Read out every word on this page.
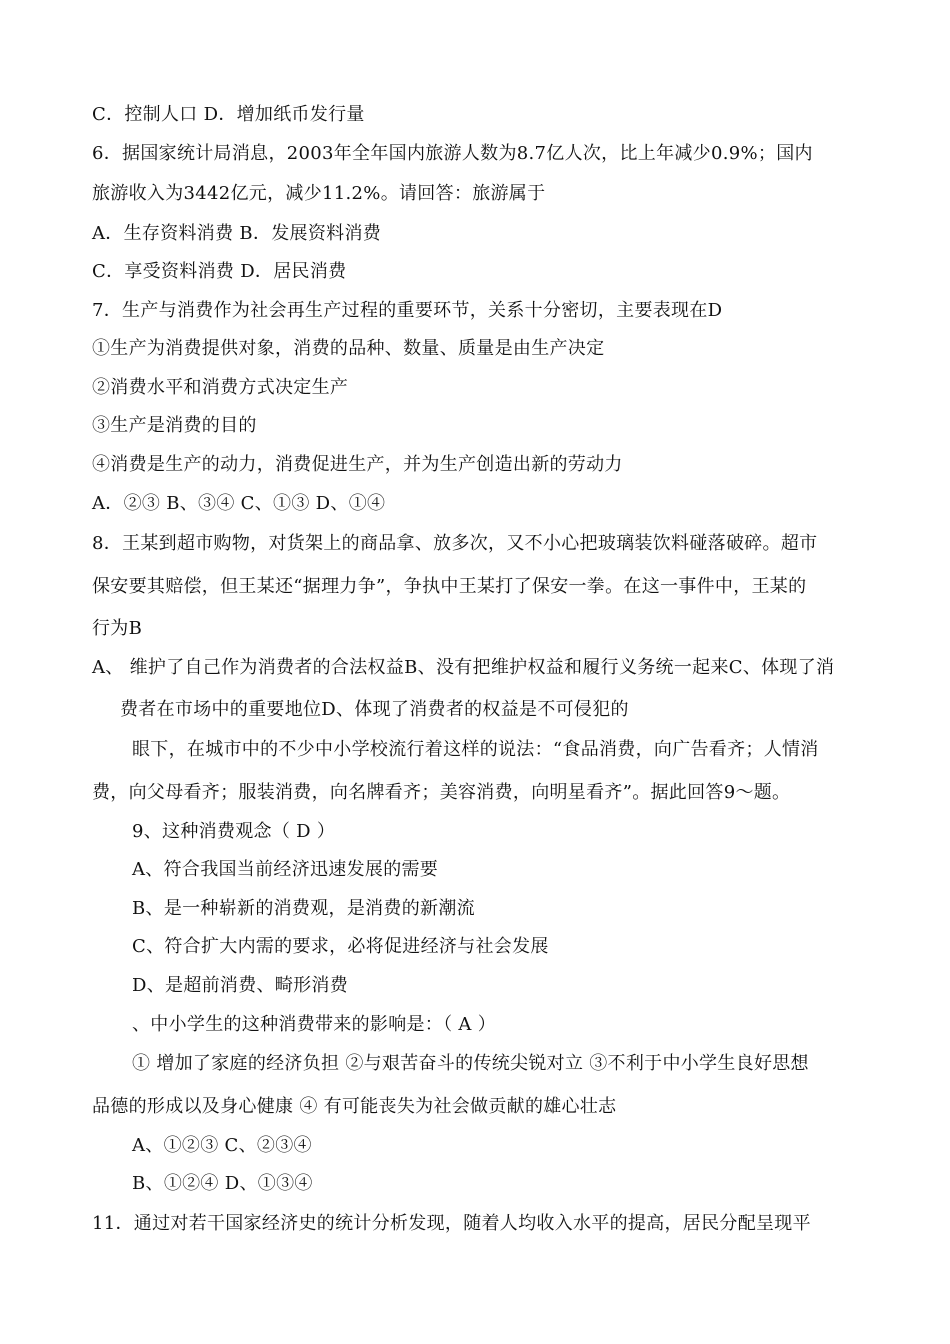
C．控制人口 D．增加纸币发行量
6．据国家统计局消息，2003年全年国内旅游人数为8.7亿人次，比上年减少0.9%；国内
旅游收入为3442亿元，减少11.2%。请回答：旅游属于
A．生存资料消费 B．发展资料消费
C．享受资料消费 D．居民消费
7．生产与消费作为社会再生产过程的重要环节，关系十分密切，主要表现在D
①生产为消费提供对象，消费的品种、数量、质量是由生产决定
②消费水平和消费方式决定生产
③生产是消费的目的
④消费是生产的动力，消费促进生产，并为生产创造出新的劳动力
A．②③ B、③④ C、①③ D、①④
8．王某到超市购物，对货架上的商品拿、放多次，又不小心把玻璃装饮料碰落破碎。超市
保安要其赔偿，但王某还“据理力争”，争执中王某打了保安一拳。在这一事件中，王某的
行为B
A、 维护了自己作为消费者的合法权益B、没有把维护权益和履行义务统一起来C、体现了消
费者在市场中的重要地位D、体现了消费者的权益是不可侵犯的
眼下，在城市中的不少中小学校流行着这样的说法：“食品消费，向广告看齐；人情消
费，向父母看齐；服装消费，向名牌看齐；美容消费，向明星看齐”。据此回答9～题。
9、这种消费观念（ D ）
A、符合我国当前经济迅速发展的需要
B、是一种崭新的消费观，是消费的新潮流
C、符合扩大内需的要求，必将促进经济与社会发展
D、是超前消费、畸形消费
、中小学生的这种消费带来的影响是：（ A ）
① 增加了家庭的经济负担 ②与艰苦奋斗的传统尖锐对立 ③不利于中小学生良好思想
品德的形成以及身心健康 ④ 有可能丧失为社会做贡献的雄心壮志
A、①②③ C、②③④
B、①②④ D、①③④
11．通过对若干国家经济史的统计分析发现，随着人均收入水平的提高，居民分配呈现平
